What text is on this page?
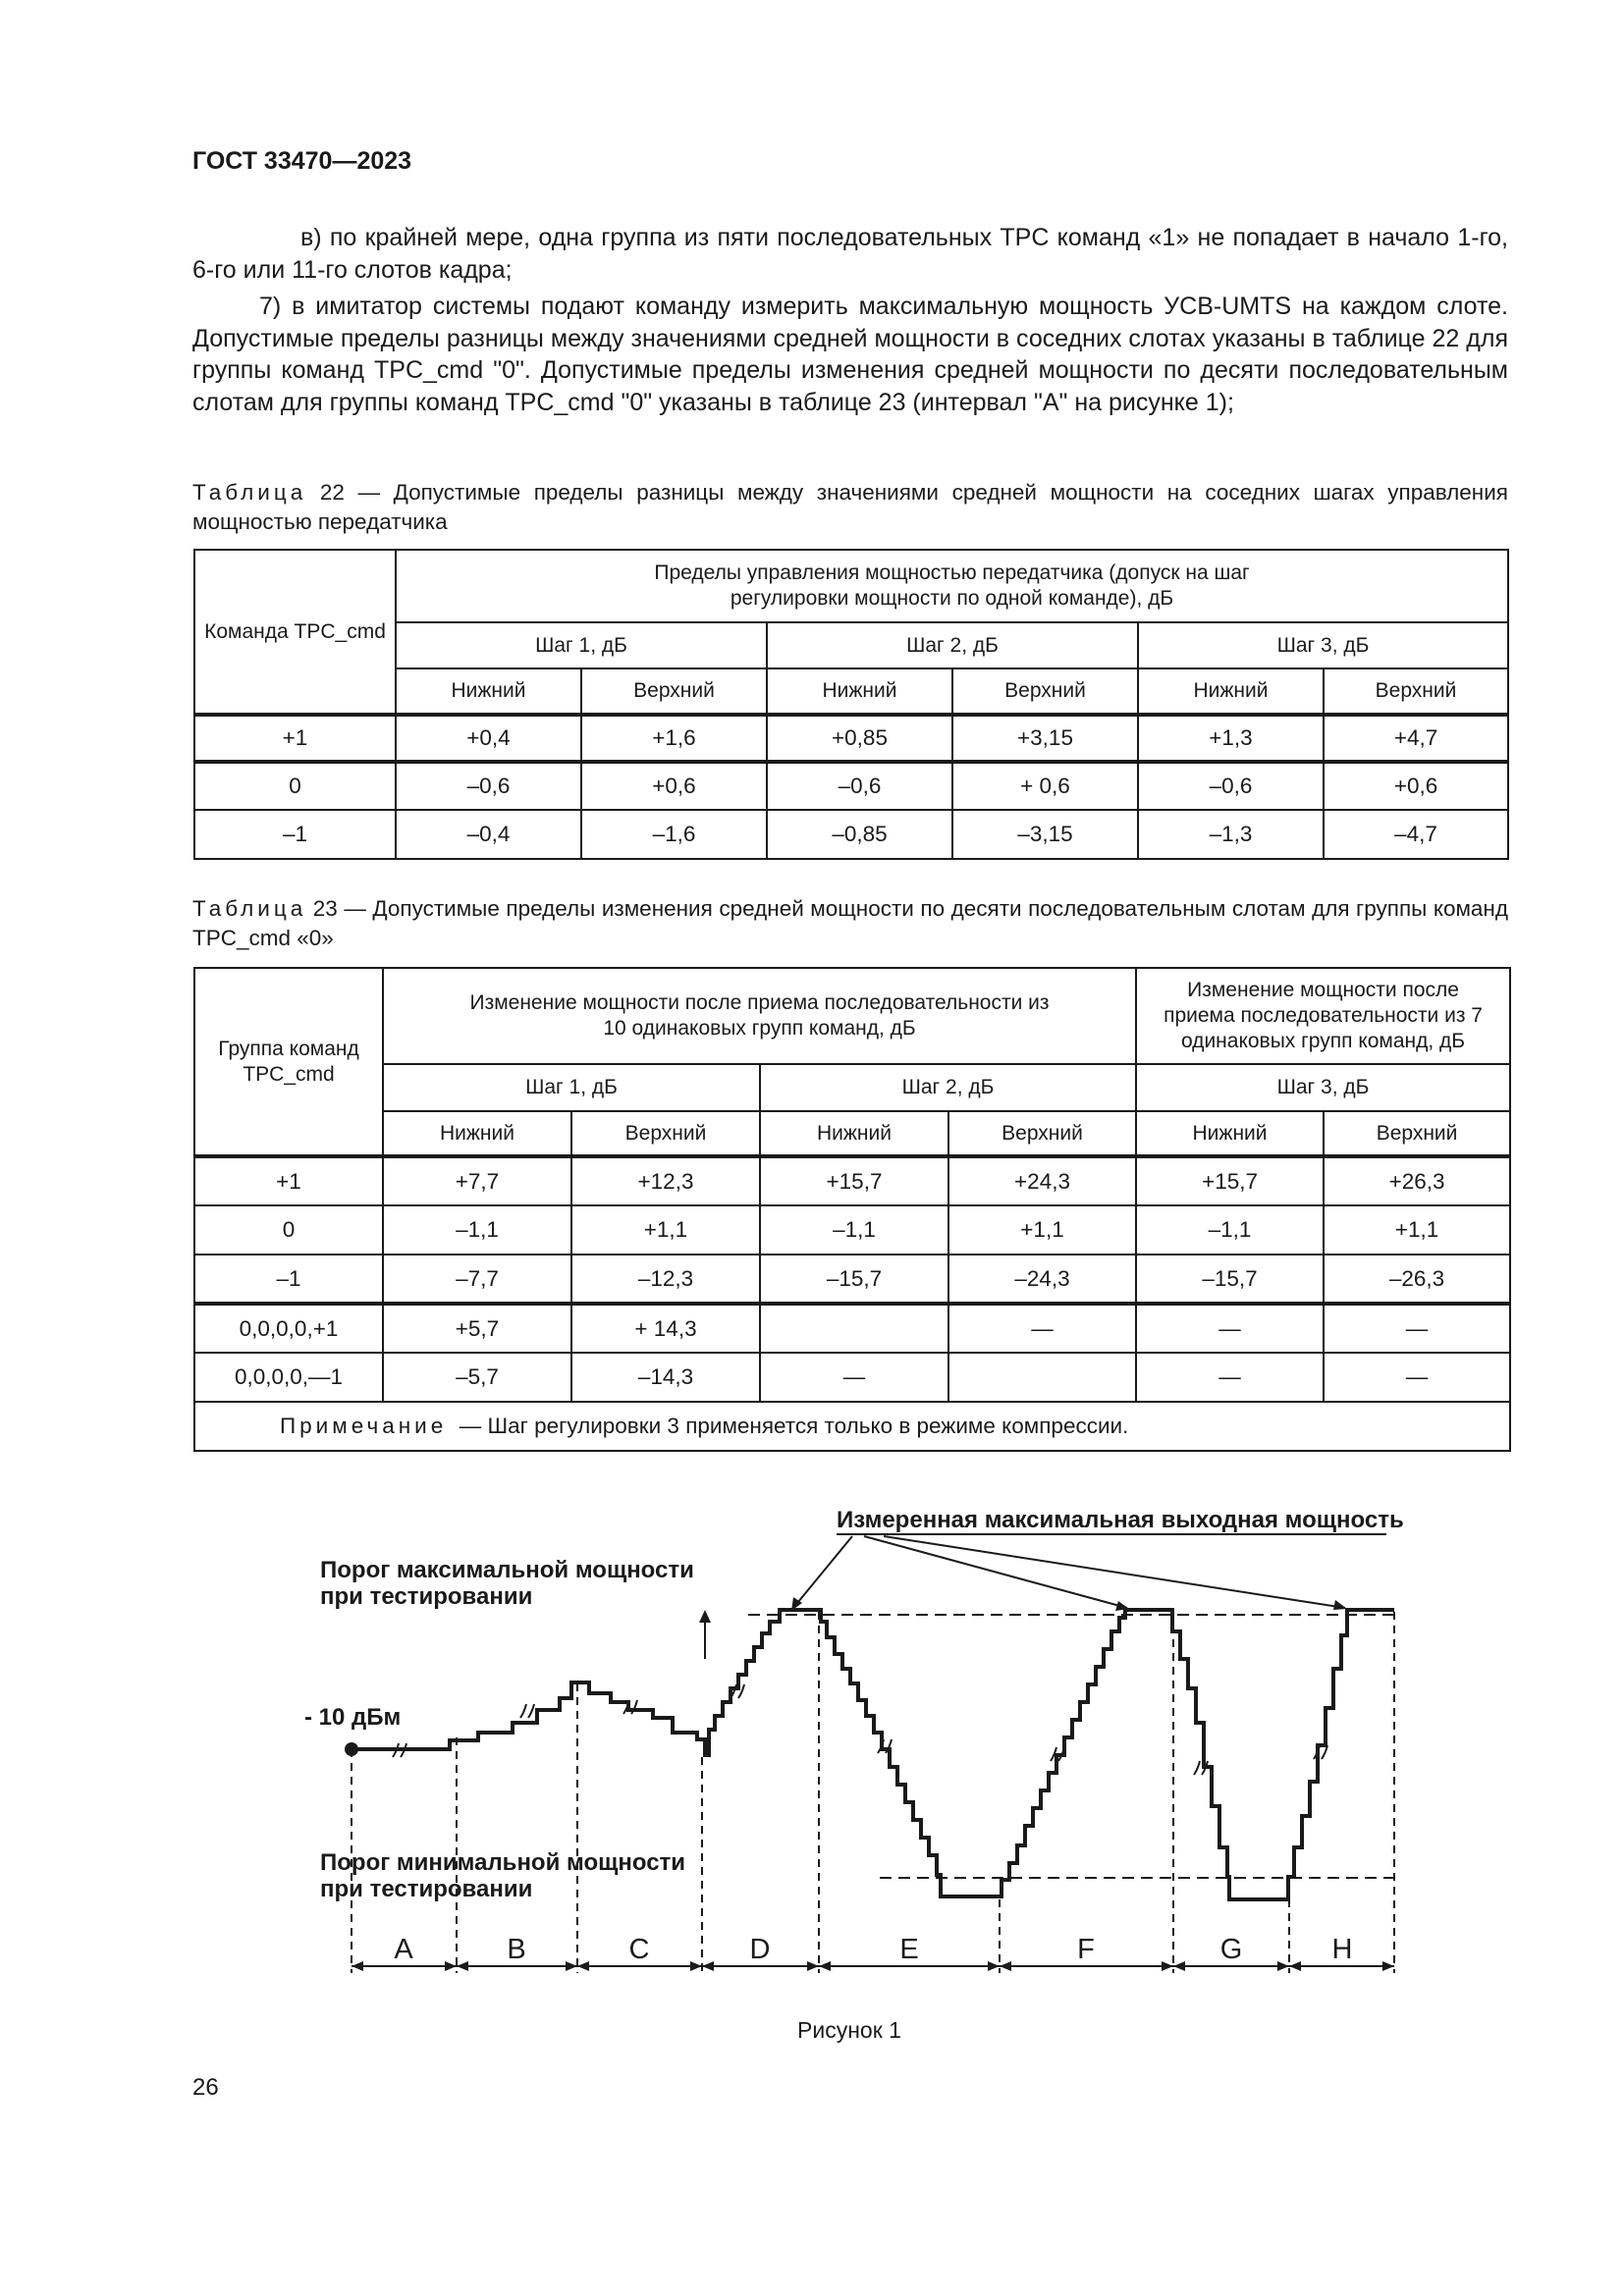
ГОСТ 33470—2023
в) по крайней мере, одна группа из пяти последовательных TPC команд «1» не попадает в начало 1-го, 6-го или 11-го слотов кадра;
7) в имитатор системы подают команду измерить максимальную мощность УСВ-UMTS на каждом слоте. Допустимые пределы разницы между значениями средней мощности в соседних слотах указаны в таблице 22 для группы команд TPC_cmd "0". Допустимые пределы изменения средней мощности по десяти последовательным слотам для группы команд TPC_cmd "0" указаны в таблице 23 (интервал "A" на рисунке 1);
Таблица 22 — Допустимые пределы разницы между значениями средней мощности на соседних шагах управления мощностью передатчика
Команда TPC_cmd	Пределы управления мощностью передатчика (допуск на шаг регулировки мощности по одной команде), дБ					
	Шаг 1, дБ		Шаг 2, дБ		Шаг 3, дБ	
	Нижний	Верхний	Нижний	Верхний	Нижний	Верхний
+1	+0,4	+1,6	+0,85	+3,15	+1,3	+4,7
0	–0,6	+0,6	–0,6	+ 0,6	–0,6	+0,6
–1	–0,4	–1,6	–0,85	–3,15	–1,3	–4,7
Таблица 23 — Допустимые пределы изменения средней мощности по десяти последовательным слотам для группы команд TPC_cmd «0»
Группа команд TPC_cmd	Изменение мощности после приема последовательности из 10 одинаковых групп команд, дБ				Изменение мощности после приема последовательности из 7 одинаковых групп команд, дБ	
	Шаг 1, дБ		Шаг 2, дБ		Шаг 3, дБ	
	Нижний	Верхний	Нижний	Верхний	Нижний	Верхний
+1	+7,7	+12,3	+15,7	+24,3	+15,7	+26,3
0	–1,1	+1,1	–1,1	+1,1	–1,1	+1,1
–1	–7,7	–12,3	–15,7	–24,3	–15,7	–26,3
0,0,0,0,+1	+5,7	+ 14,3		—	—	—
0,0,0,0,—1	–5,7	–14,3	—		—	—
Примечание — Шаг регулировки 3 применяется только в режиме компрессии.						
Измеренная максимальная выходная мощность
Порог максимальной мощности
при тестировании
- 10 дБм
Порог минимальной мощности
при тестировании
A	B	C	D	E	F	G	H
Рисунок 1
26
